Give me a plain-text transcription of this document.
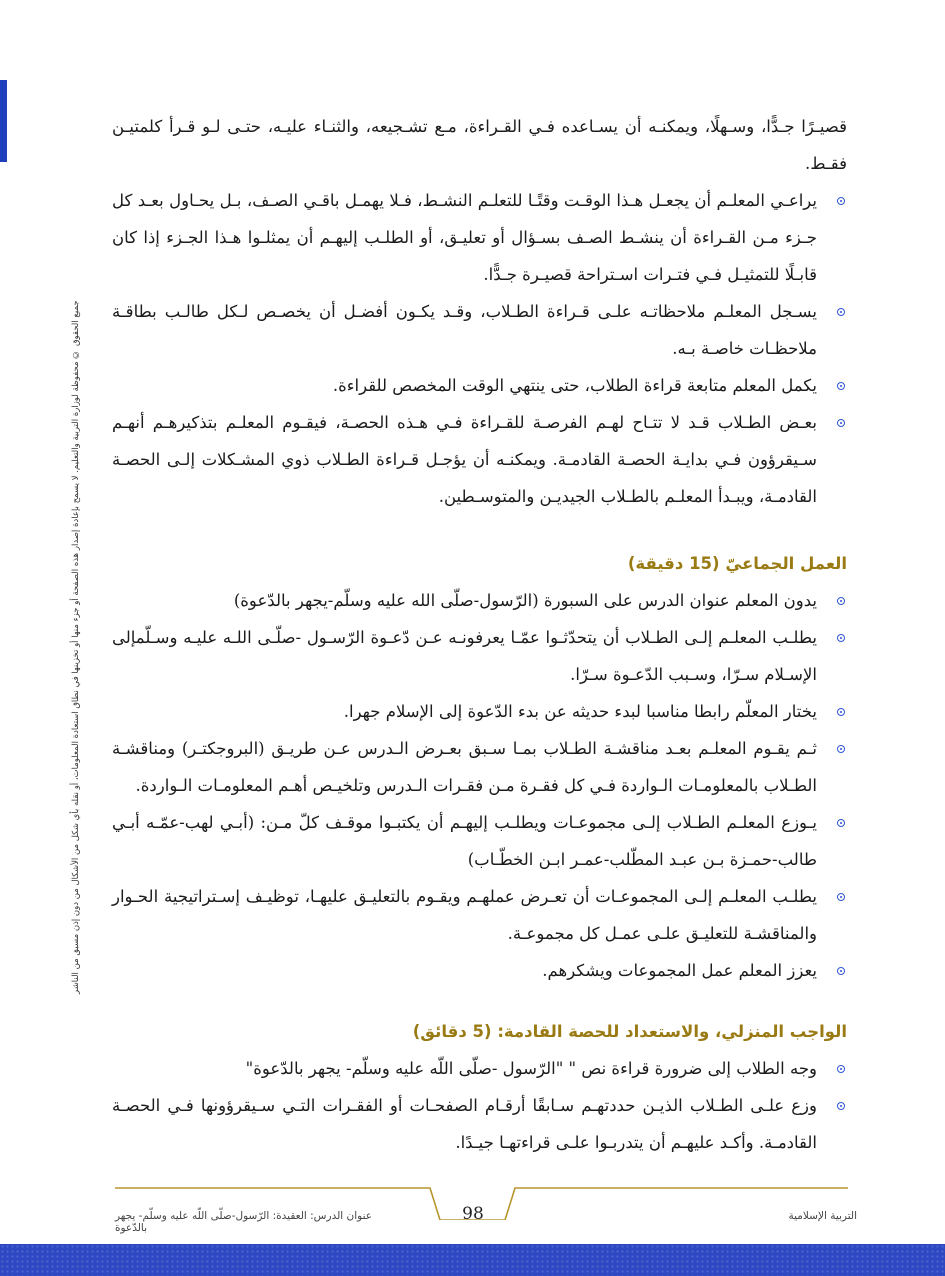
جميع الحقوق © محفوظة لوزارة التربية والتعليم. لا يسمح بإعادة إصدار هذه الصفحة أو جزء منها أو تخزينها في نطاق استعادة المعلومات، أو نقله بأي شكل من الأشكال من دون إذن مسبق من الناشر

قصيـرًا جـدًّا، وسـهلًا، ويمكنـه أن يسـاعده فـي القـراءة، مـع تشـجيعه، والثنـاء عليـه، حتـى لـو قـرأ كلمتيـن فقـط.

يراعـي المعلـم أن يجعـل هـذا الوقـت وقتًـا للتعلـم النشـط، فـلا يهمـل باقـي الصـف، بـل يحـاول بعـد كل جـزء مـن القـراءة أن ينشـط الصـف بسـؤال أو تعليـق، أو الطلـب إليهـم أن يمثلـوا هـذا الجـزء إذا كان قابـلًا للتمثيـل فـي فتـرات اسـتراحة قصيـرة جـدًّا.
يسـجل المعلـم ملاحظاتـه علـى قـراءة الطـلاب، وقـد يكـون أفضـل أن يخصـص لـكل طالـب بطاقـة ملاحظـات خاصـة بـه.
يكمل المعلم متابعة قراءة الطلاب، حتى ينتهي الوقت المخصص للقراءة.
بعـض الطـلاب قـد لا تتـاح لهـم الفرصـة للقـراءة فـي هـذه الحصـة، فيقـوم المعلـم بتذكيرهـم أنهـم سـيقرؤون فـي بدايـة الحصـة القادمـة. ويمكنـه أن يؤجـل قـراءة الطـلاب ذوي المشـكلات إلـى الحصـة القادمـة، ويبـدأ المعلـم بالطـلاب الجيديـن والمتوسـطين.
العمل الجماعيّ (15 دقيقة)
يدون المعلم عنوان الدرس على السبورة (الرّسول-صلّى الله عليه وسلّم-يجهر بالدّعوة)
يطلـب المعلـم إلـى الطـلاب أن يتحدّثـوا عمّـا يعرفونـه عـن دّعـوة الرّسـول -صلّـى اللـه عليـه وسـلّمإلى الإسـلام سـرّا، وسـبب الدّعـوة سـرّا.
يختار المعلّم رابطا مناسبا لبدء حديثه عن بدء الدّعوة إلى الإسلام جهرا.
ثـم يقـوم المعلـم بعـد مناقشـة الطـلاب بمـا سـبق بعـرض الـدرس عـن طريـق (البروجكتـر) ومناقشـة الطـلاب بالمعلومـات الـواردة فـي كل فقـرة مـن فقـرات الـدرس وتلخيـص أهـم المعلومـات الـواردة.
يـوزع المعلـم الطـلاب إلـى مجموعـات ويطلـب إليهـم أن يكتبـوا موقـف كلّ مـن: (أبـي لهب-عمّـه أبـي طالب-حمـزة بـن عبـد المطّلب-عمـر ابـن الخطّـاب)
يطلـب المعلـم إلـى المجموعـات أن تعـرض عملهـم ويقـوم بالتعليـق عليهـا، توظيـف إسـتراتيجية الحـوار والمناقشـة للتعليـق علـى عمـل كل مجموعـة.
يعزز المعلم عمل المجموعات ويشكرهم.
الواجب المنزلي، والاستعداد للحصة القادمة: (5 دقائق)
وجه الطلاب إلى ضرورة قراءة نص " "الرّسول -صلّى اللّه عليه وسلّم- يجهر بالدّعوة"
وزع علـى الطـلاب الذيـن حددتهـم سـابقًا أرقـام الصفحـات أو الفقـرات التـي سـيقرؤونها فـي الحصـة القادمـة. وأكـد عليهـم أن يتدربـوا علـى قراءتهـا جيـدًا.
التربية الإسلامية
98
عنوان الدرس: العقيدة: الرّسول-صلّى اللّه عليه وسلّم- يجهر بالدّعوة
